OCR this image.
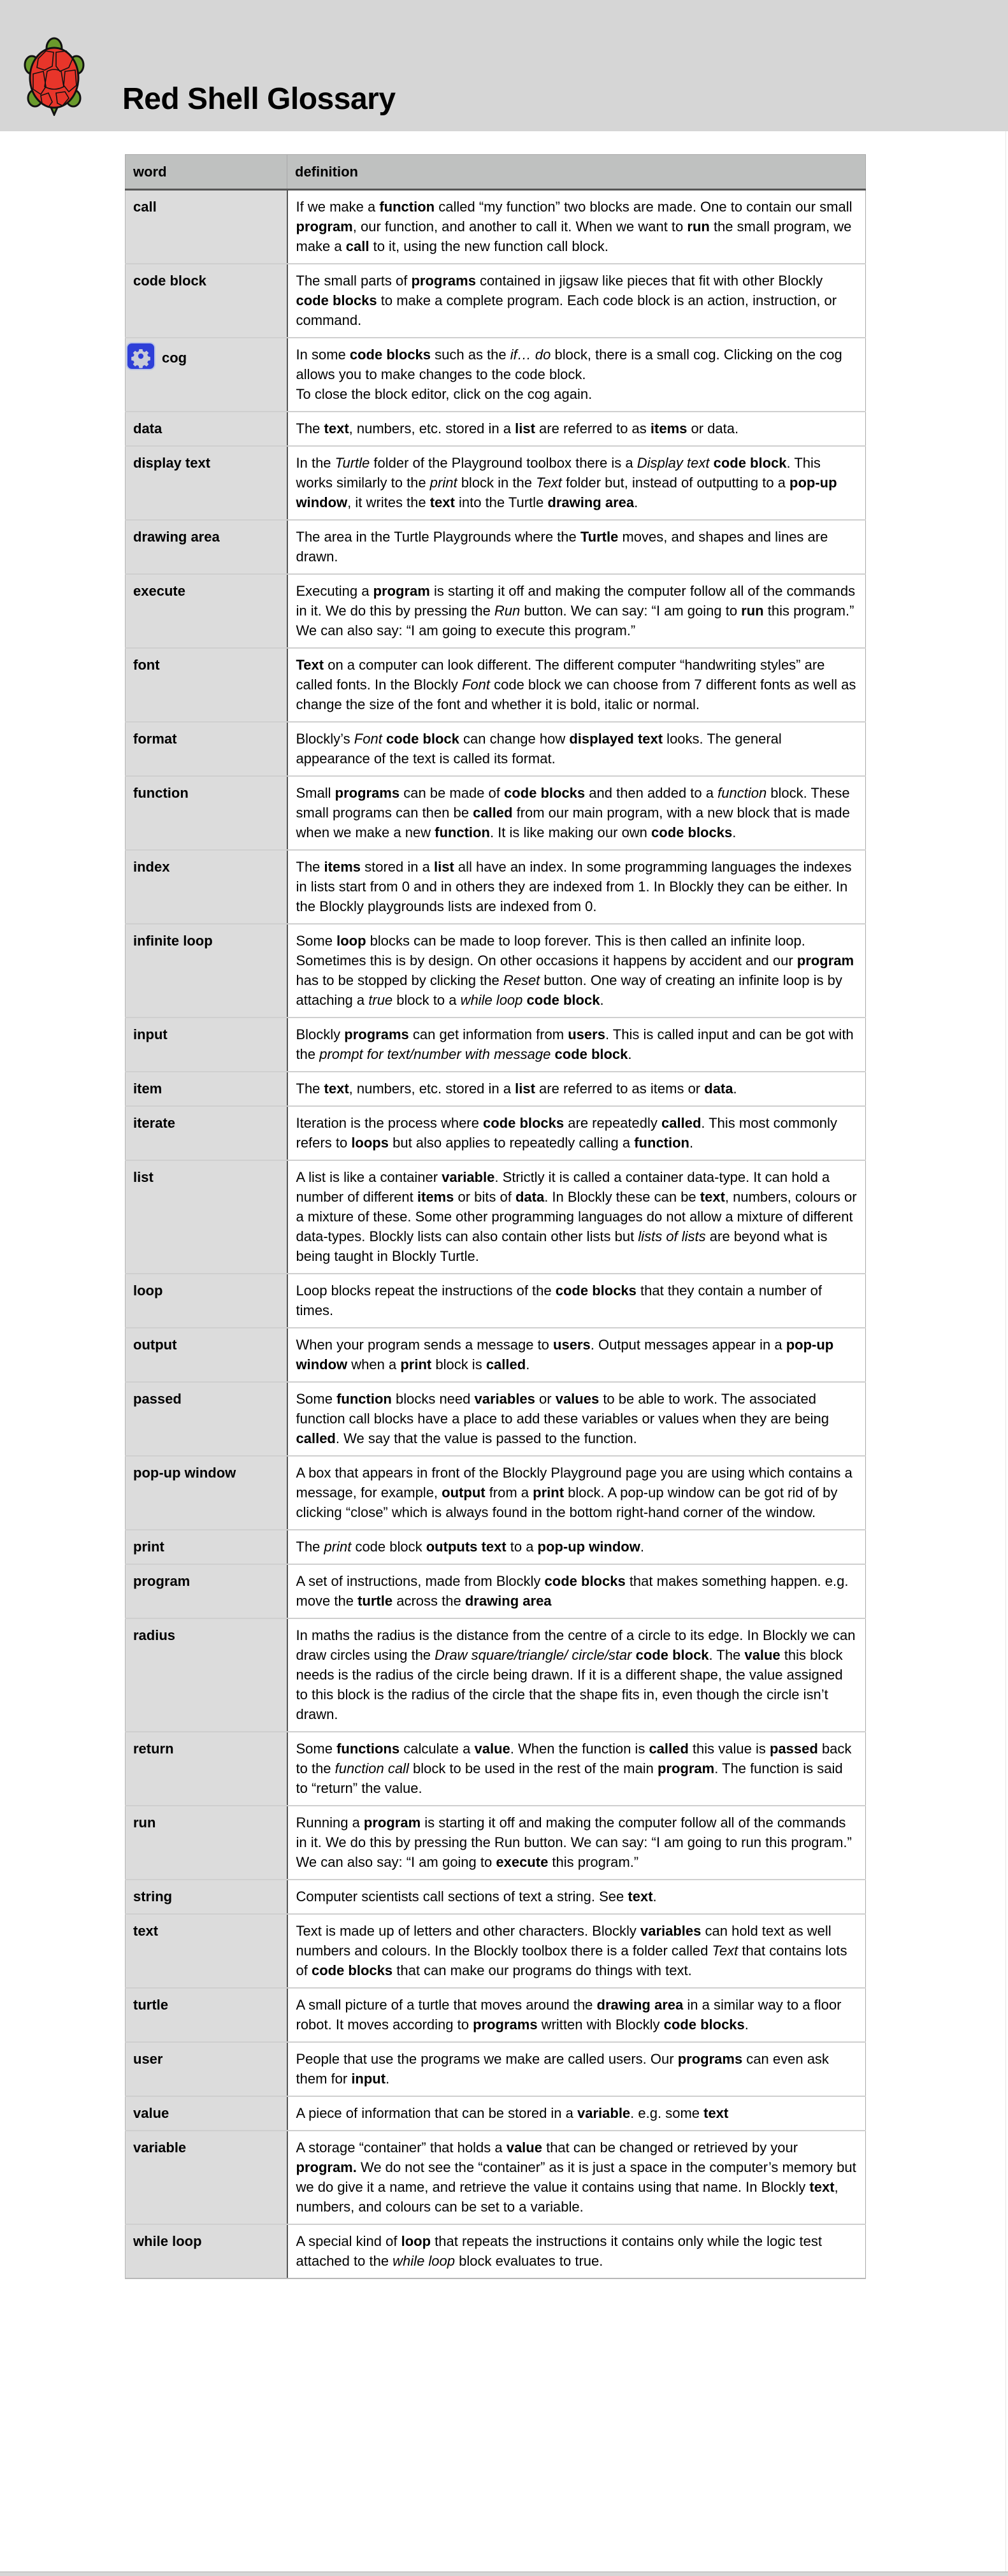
Red Shell Glossary
word	definition
call	If we make a function called “my function” two blocks are made. One to contain our small program, our function, and another to call it. When we want to run the small program, we make a call to it, using the new function call block.
code block	The small parts of programs contained in jigsaw like pieces that fit with other Blockly code blocks to make a complete program. Each code block is an action, instruction, or command.

cog	In some code blocks such as the if… do block, there is a small cog. Clicking on the cog allows you to make changes to the code block.
To close the block editor, click on the cog again.
data	The text, numbers, etc. stored in a list are referred to as items or data.
display text	In the Turtle folder of the Playground toolbox there is a Display text code block. This works similarly to the print block in the Text folder but, instead of outputting to a pop-up window, it writes the text into the Turtle drawing area.
drawing area	The area in the Turtle Playgrounds where the Turtle moves, and shapes and lines are drawn.
execute	Executing a program is starting it off and making the computer follow all of the commands in it. We do this by pressing the Run button. We can say: “I am going to run this program.” We can also say: “I am going to execute this program.”
font	Text on a computer can look different. The different computer “handwriting styles” are called fonts. In the Blockly Font code block we can choose from 7 different fonts as well as change the size of the font and whether it is bold, italic or normal.
format	Blockly’s Font code block can change how displayed text looks. The general appearance of the text is called its format.
function	Small programs can be made of code blocks and then added to a function block. These small programs can then be called from our main program, with a new block that is made when we make a new function. It is like making our own code blocks.
index	The items stored in a list all have an index. In some programming languages the indexes in lists start from 0 and in others they are indexed from 1. In Blockly they can be either. In the Blockly playgrounds lists are indexed from 0.
infinite loop	Some loop blocks can be made to loop forever. This is then called an infinite loop. Sometimes this is by design. On other occasions it happens by accident and our program has to be stopped by clicking the Reset button. One way of creating an infinite loop is by attaching a true block to a while loop code block.
input	Blockly programs can get information from users. This is called input and can be got with the prompt for text/number with message code block.
item	The text, numbers, etc. stored in a list are referred to as items or data.
iterate	Iteration is the process where code blocks are repeatedly called. This most commonly refers to loops but also applies to repeatedly calling a function.
list	A list is like a container variable. Strictly it is called a container data-type. It can hold a number of different items or bits of data. In Blockly these can be text, numbers, colours or a mixture of these. Some other programming languages do not allow a mixture of different data-types. Blockly lists can also contain other lists but lists of lists are beyond what is being taught in Blockly Turtle.
loop	Loop blocks repeat the instructions of the code blocks that they contain a number of times.
output	When your program sends a message to users. Output messages appear in a pop-up window when a print block is called.
passed	Some function blocks need variables or values to be able to work. The associated function call blocks have a place to add these variables or values when they are being called. We say that the value is passed to the function.
pop-up window	A box that appears in front of the Blockly Playground page you are using which contains a message, for example, output from a print block. A pop-up window can be got rid of by clicking “close” which is always found in the bottom right-hand corner of the window.
print	The print code block outputs text to a pop-up window.
program	A set of instructions, made from Blockly code blocks that makes something happen. e.g. move the turtle across the drawing area
radius	In maths the radius is the distance from the centre of a circle to its edge. In Blockly we can draw circles using the Draw square/triangle/ circle/star code block. The value this block needs is the radius of the circle being drawn. If it is a different shape, the value assigned to this block is the radius of the circle that the shape fits in, even though the circle isn’t drawn.
return	Some functions calculate a value. When the function is called this value is passed back to the function call block to be used in the rest of the main program. The function is said to “return” the value.
run	Running a program is starting it off and making the computer follow all of the commands in it. We do this by pressing the Run button. We can say: “I am going to run this program.” We can also say: “I am going to execute this program.”
string	Computer scientists call sections of text a string. See text.
text	Text is made up of letters and other characters. Blockly variables can hold text as well numbers and colours. In the Blockly toolbox there is a folder called Text that contains lots of code blocks that can make our programs do things with text.
turtle	A small picture of a turtle that moves around the drawing area in a similar way to a floor robot. It moves according to programs written with Blockly code blocks.
user	People that use the programs we make are called users. Our programs can even ask them for input.
value	A piece of information that can be stored in a variable. e.g. some text
variable	A storage “container” that holds a value that can be changed or retrieved by your program. We do not see the “container” as it is just a space in the computer’s memory but we do give it a name, and retrieve the value it contains using that name. In Blockly text, numbers, and colours can be set to a variable.
while loop	A special kind of loop that repeats the instructions it contains only while the logic test attached to the while loop block evaluates to true.
